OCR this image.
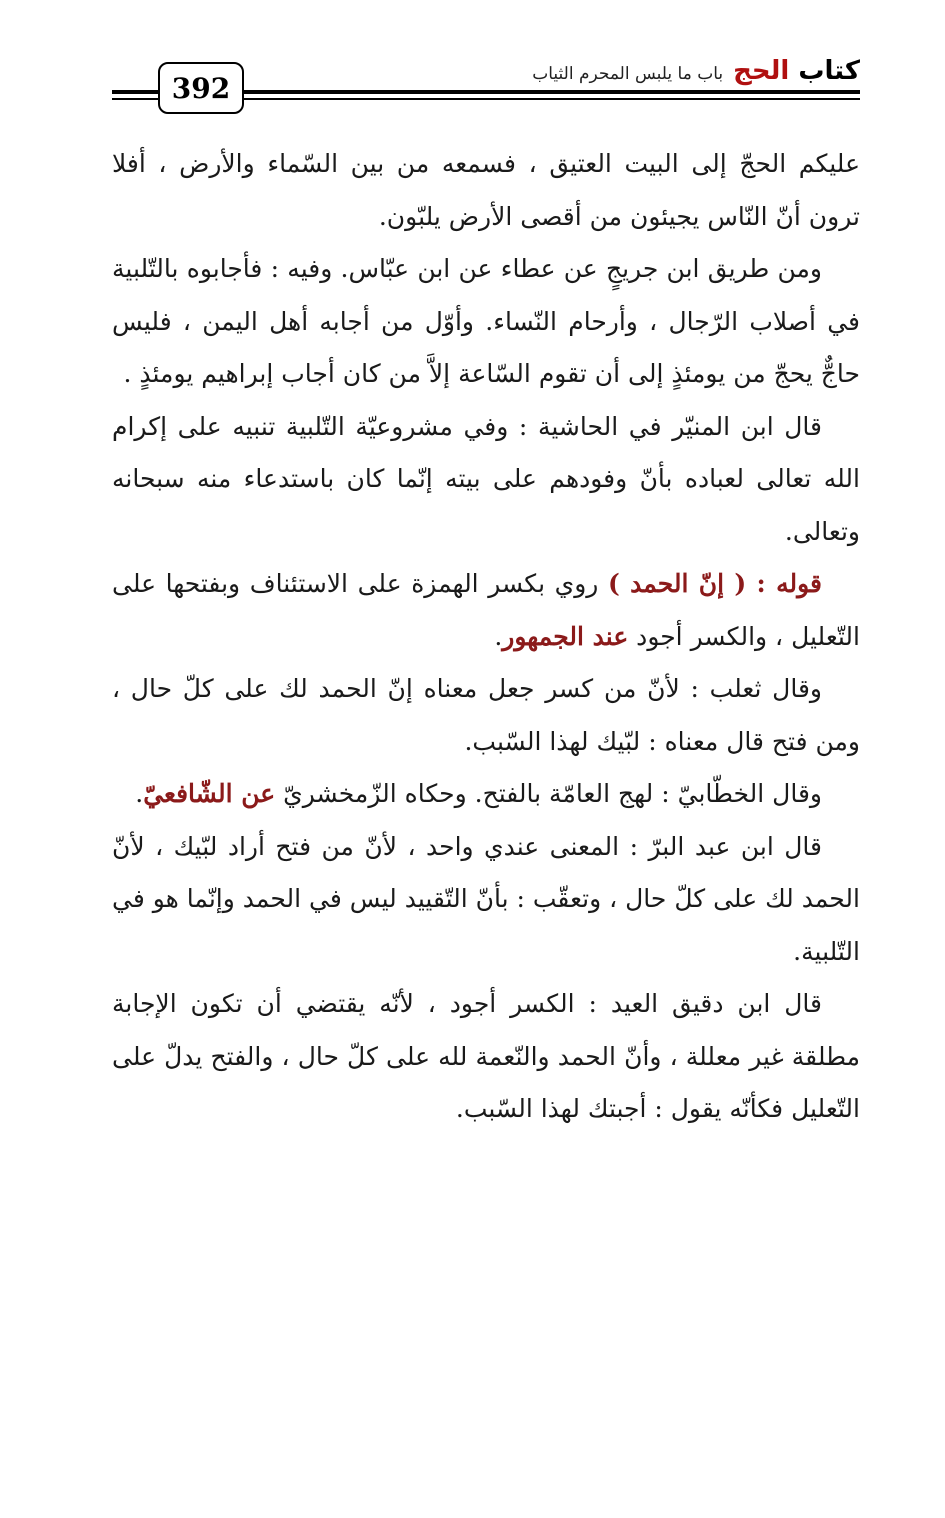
392
كتاب الحج
باب ما يلبس المحرم الثياب

عليكم الحجّ إلى البيت العتيق ، فسمعه من بين السّماء والأرض ، أفلا ترون أنّ النّاس يجيئون من أقصى الأرض يلبّون.

ومن طريق ابن جريجٍ عن عطاء عن ابن عبّاس. وفيه : فأجابوه بالتّلبية في أصلاب الرّجال ، وأرحام النّساء. وأوّل من أجابه أهل اليمن ، فليس حاجٌّ يحجّ من يومئذٍ إلى أن تقوم السّاعة إلاَّ من كان أجاب إبراهيم يومئذٍ .

قال ابن المنيّر في الحاشية : وفي مشروعيّة التّلبية تنبيه على إكرام الله تعالى لعباده بأنّ وفودهم على بيته إنّما كان باستدعاء منه سبحانه وتعالى.

قوله : ( إنّ الحمد ) روي بكسر الهمزة على الاستئناف وبفتحها على التّعليل ، والكسر أجود عند الجمهور.

وقال ثعلب : لأنّ من كسر جعل معناه إنّ الحمد لك على كلّ حال ، ومن فتح قال معناه : لبّيك لهذا السّبب.

وقال الخطّابيّ : لهج العامّة بالفتح. وحكاه الزّمخشريّ عن الشّافعيّ.

قال ابن عبد البرّ : المعنى عندي واحد ، لأنّ من فتح أراد لبّيك ، لأنّ الحمد لك على كلّ حال ، وتعقّب : بأنّ التّقييد ليس في الحمد وإنّما هو في التّلبية.

قال ابن دقيق العيد : الكسر أجود ، لأنّه يقتضي أن تكون الإجابة مطلقة غير معللة ، وأنّ الحمد والنّعمة لله على كلّ حال ، والفتح يدلّ على التّعليل فكأنّه يقول : أجبتك لهذا السّبب.
